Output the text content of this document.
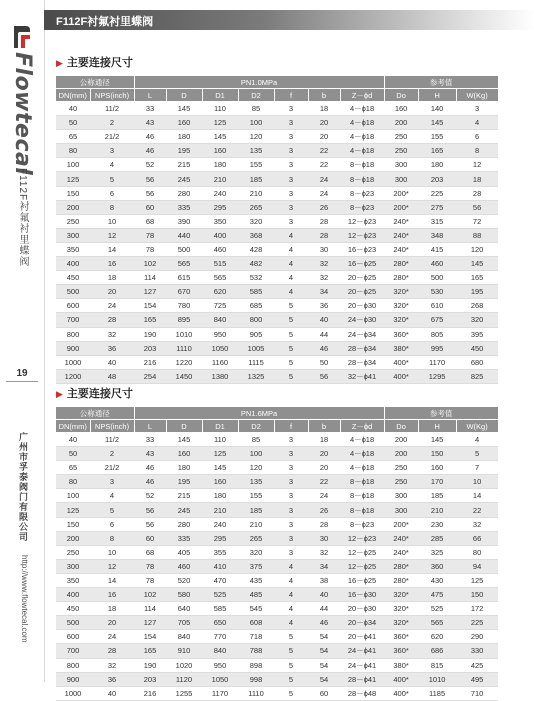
Flowtecal
F112F衬氟衬里蝶阀
19
广州市孚泰阀门有限公司
http://www.flowtecal.com
F112F衬氟衬里蝶阀
▶ 主要连接尺寸
公称通径		PN1.0MPa							参考值		
DN(mm)	NPS(inch)	L	D	D1	D2	f	b	Z－ϕd	Do	H	W(Kg)
40	11/2	33	145	110	85	3	18	4－ϕ18	160	140	3
50	2	43	160	125	100	3	20	4－ϕ18	200	145	4
65	21/2	46	180	145	120	3	20	4－ϕ18	250	155	6
80	3	46	195	160	135	3	22	4－ϕ18	250	165	8
100	4	52	215	180	155	3	22	8－ϕ18	300	180	12
125	5	56	245	210	185	3	24	8－ϕ18	300	203	18
150	6	56	280	240	210	3	24	8－ϕ23	200*	225	28
200	8	60	335	295	265	3	26	8－ϕ23	200*	275	56
250	10	68	390	350	320	3	28	12－ϕ23	240*	315	72
300	12	78	440	400	368	4	28	12－ϕ23	240*	348	88
350	14	78	500	460	428	4	30	16－ϕ23	240*	415	120
400	16	102	565	515	482	4	32	16－ϕ25	280*	460	145
450	18	114	615	565	532	4	32	20－ϕ25	280*	500	165
500	20	127	670	620	585	4	34	20－ϕ25	320*	530	195
600	24	154	780	725	685	5	36	20－ϕ30	320*	610	268
700	28	165	895	840	800	5	40	24－ϕ30	320*	675	320
800	32	190	1010	950	905	5	44	24－ϕ34	360*	805	395
900	36	203	1110	1050	1005	5	46	28－ϕ34	380*	995	450
1000	40	216	1220	1160	1115	5	50	28－ϕ34	400*	1170	680
1200	48	254	1450	1380	1325	5	56	32－ϕ41	400*	1295	825
▶ 主要连接尺寸
公称通径		PN1.6MPa							参考值		
DN(mm)	NPS(inch)	L	D	D1	D2	f	b	Z－ϕd	Do	H	W(Kg)
40	11/2	33	145	110	85	3	18	4－ϕ18	200	145	4
50	2	43	160	125	100	3	20	4－ϕ18	200	150	5
65	21/2	46	180	145	120	3	20	4－ϕ18	250	160	7
80	3	46	195	160	135	3	22	8－ϕ18	250	170	10
100	4	52	215	180	155	3	24	8－ϕ18	300	185	14
125	5	56	245	210	185	3	26	8－ϕ18	300	210	22
150	6	56	280	240	210	3	28	8－ϕ23	200*	230	32
200	8	60	335	295	265	3	30	12－ϕ23	240*	285	66
250	10	68	405	355	320	3	32	12－ϕ25	240*	325	80
300	12	78	460	410	375	4	34	12－ϕ25	280*	360	94
350	14	78	520	470	435	4	38	16－ϕ25	280*	430	125
400	16	102	580	525	485	4	40	16－ϕ30	320*	475	150
450	18	114	640	585	545	4	44	20－ϕ30	320*	525	172
500	20	127	705	650	608	4	46	20－ϕ34	320*	565	225
600	24	154	840	770	718	5	54	20－ϕ41	360*	620	290
700	28	165	910	840	788	5	54	24－ϕ41	360*	686	330
800	32	190	1020	950	898	5	54	24－ϕ41	380*	815	425
900	36	203	1120	1050	998	5	54	28－ϕ41	400*	1010	495
1000	40	216	1255	1170	1110	5	60	28－ϕ48	400*	1185	710
